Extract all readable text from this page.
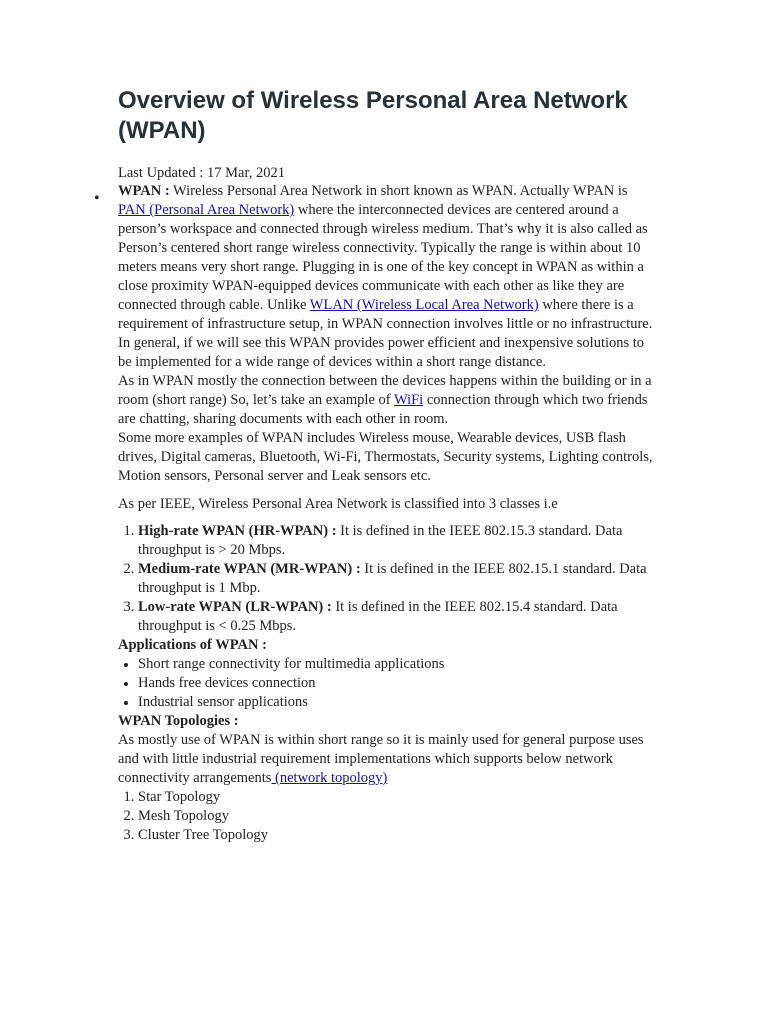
Overview of Wireless Personal Area Network (WPAN)
Last Updated : 17 Mar, 2021
• WPAN : Wireless Personal Area Network in short known as WPAN. Actually WPAN is PAN (Personal Area Network) where the interconnected devices are centered around a person’s workspace and connected through wireless medium. That’s why it is also called as Person’s centered short range wireless connectivity. Typically the range is within about 10 meters means very short range. Plugging in is one of the key concept in WPAN as within a close proximity WPAN-equipped devices communicate with each other as like they are connected through cable. Unlike WLAN (Wireless Local Area Network) where there is a requirement of infrastructure setup, in WPAN connection involves little or no infrastructure. In general, if we will see this WPAN provides power efficient and inexpensive solutions to be implemented for a wide range of devices within a short range distance.

As in WPAN mostly the connection between the devices happens within the building or in a room (short range) So, let’s take an example of WiFi connection through which two friends are chatting, sharing documents with each other in room.

Some more examples of WPAN includes Wireless mouse, Wearable devices, USB flash drives, Digital cameras, Bluetooth, Wi-Fi, Thermostats, Security systems, Lighting controls, Motion sensors, Personal server and Leak sensors etc.

As per IEEE, Wireless Personal Area Network is classified into 3 classes i.e

1. High-rate WPAN (HR-WPAN) : It is defined in the IEEE 802.15.3 standard. Data throughput is > 20 Mbps.
2. Medium-rate WPAN (MR-WPAN) : It is defined in the IEEE 802.15.1 standard. Data throughput is 1 Mbp.
3. Low-rate WPAN (LR-WPAN) : It is defined in the IEEE 802.15.4 standard. Data throughput is < 0.25 Mbps.

Applications of WPAN :

• Short range connectivity for multimedia applications
• Hands free devices connection
• Industrial sensor applications

WPAN Topologies :

As mostly use of WPAN is within short range so it is mainly used for general purpose uses and with little industrial requirement implementations which supports below network connectivity arrangements (network topology)

1. Star Topology
2. Mesh Topology
3. Cluster Tree Topology
